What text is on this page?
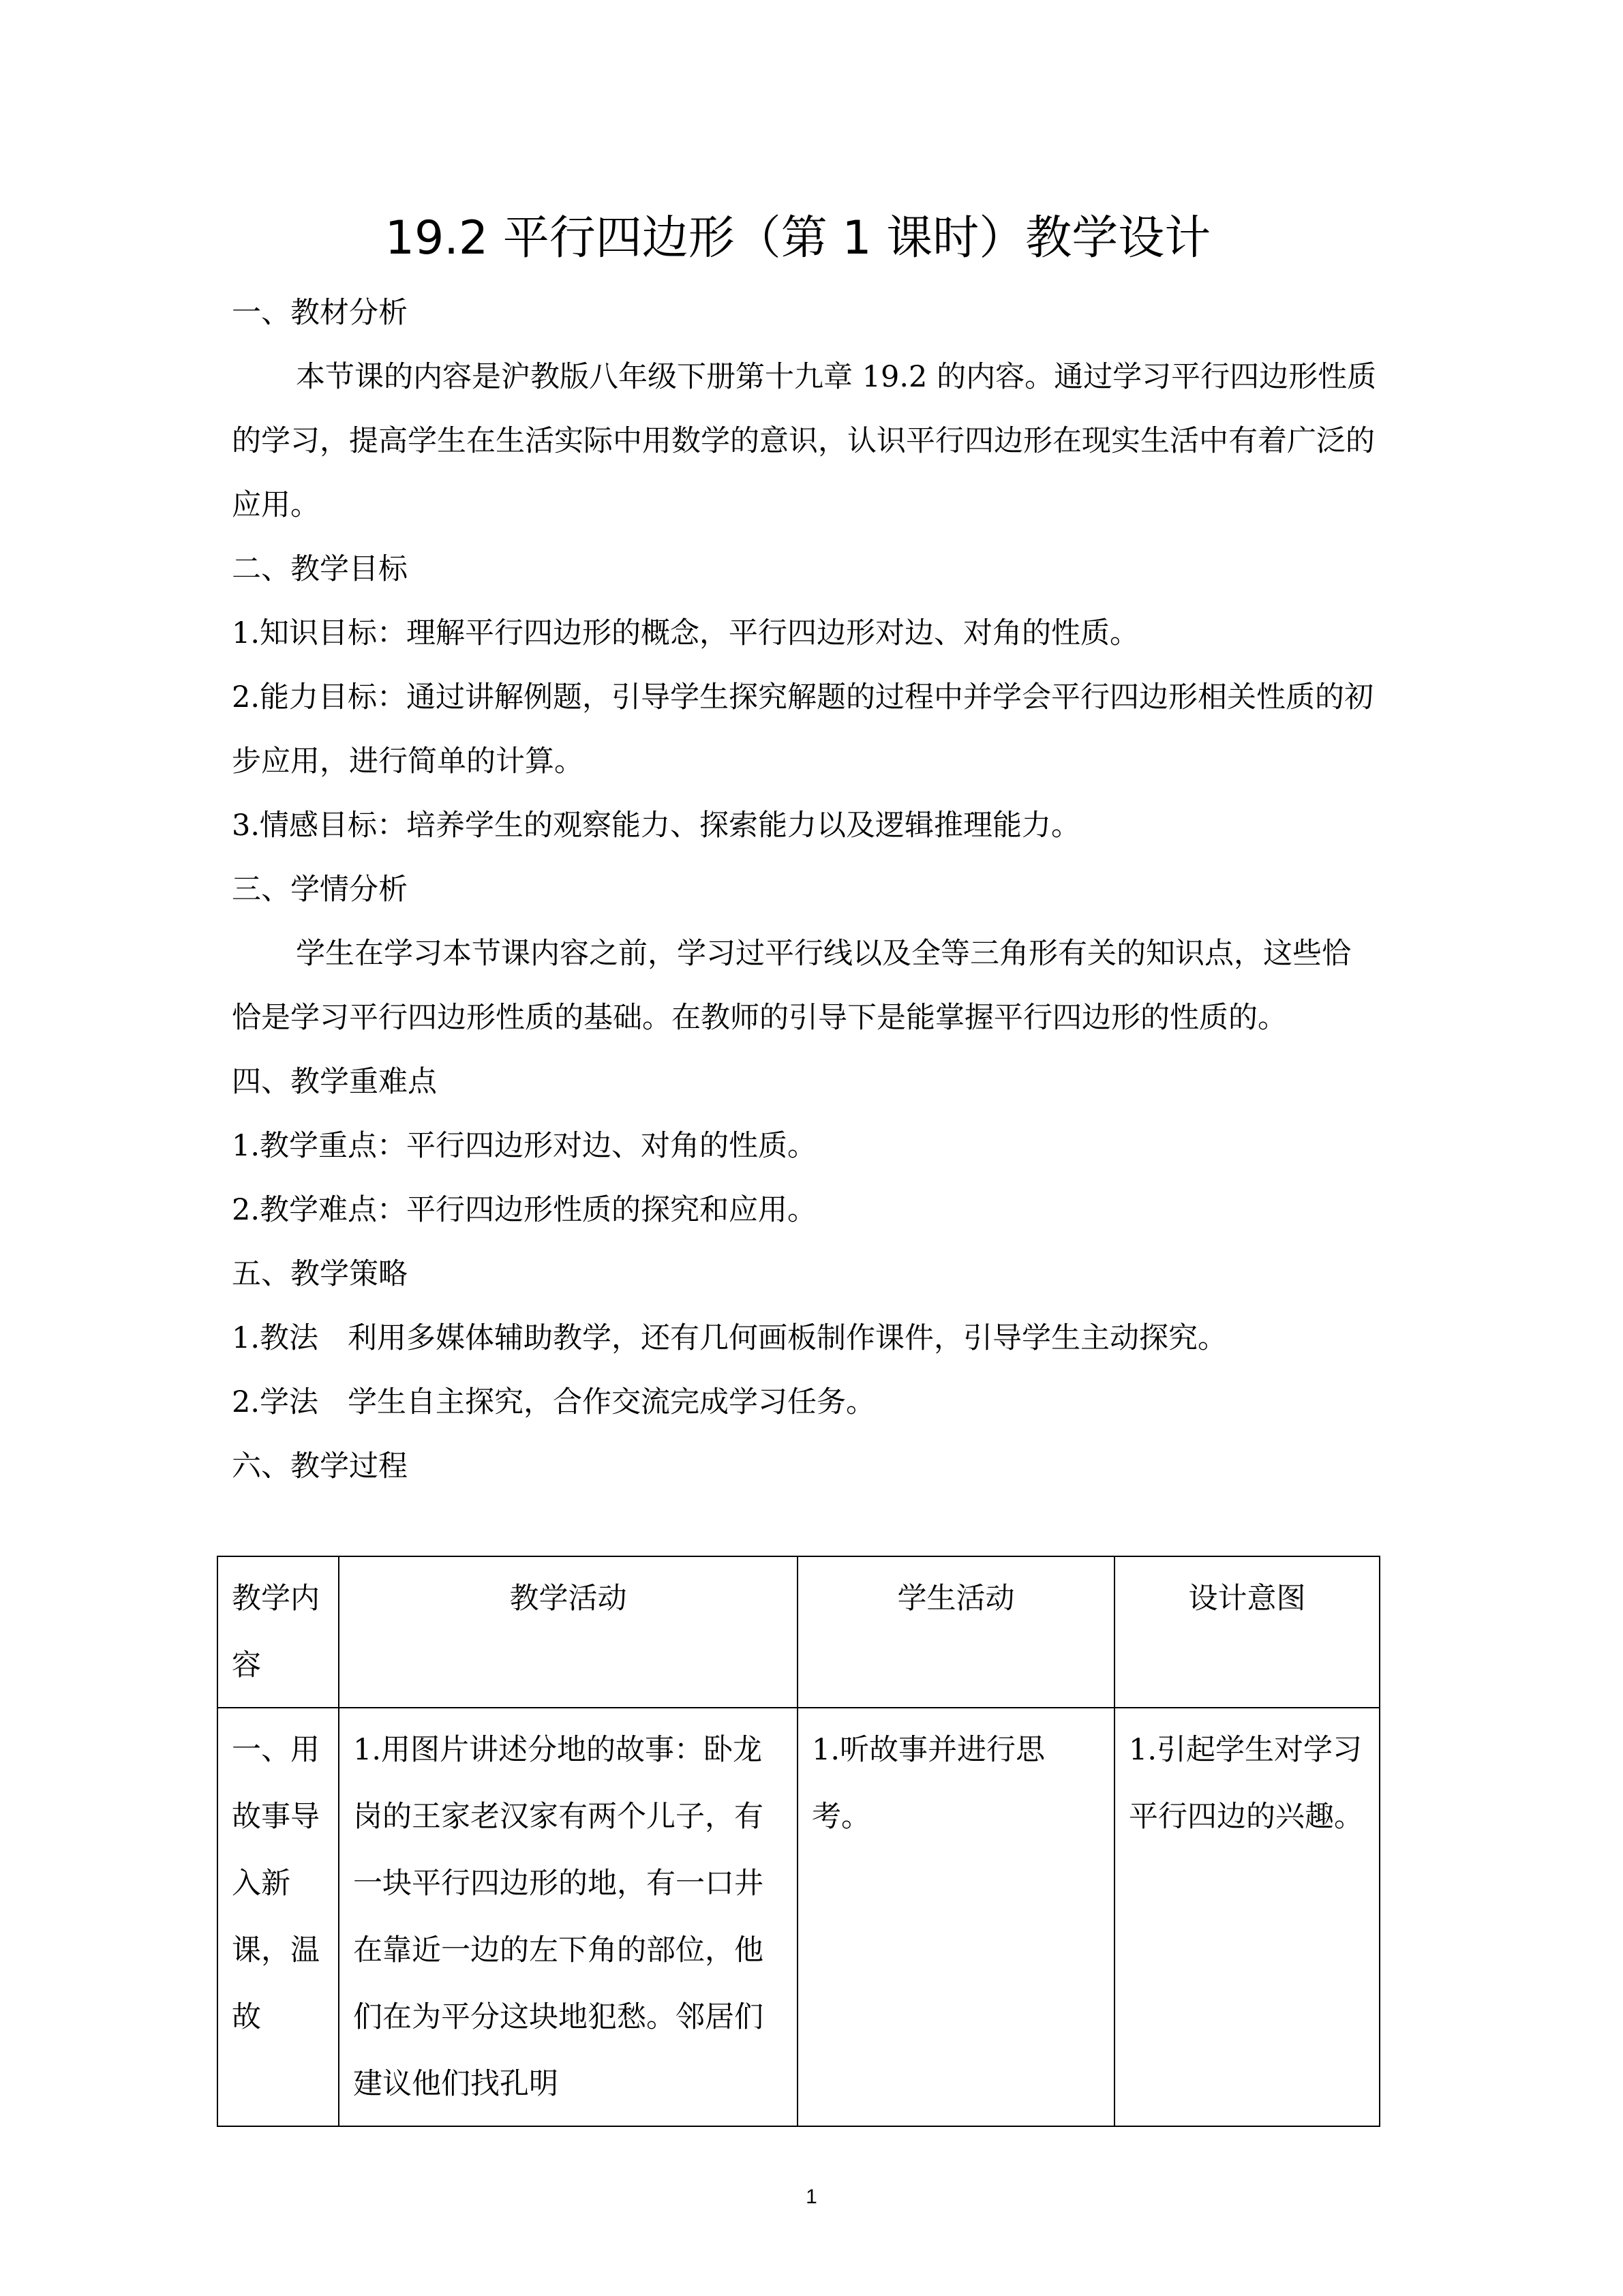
19.2 平行四边形（第 1 课时）教学设计

一、教材分析

本节课的内容是沪教版八年级下册第十九章 19.2 的内容。通过学习平行四边形性质的学习，提高学生在生活实际中用数学的意识，认识平行四边形在现实生活中有着广泛的应用。

二、教学目标

1.知识目标：理解平行四边形的概念，平行四边形对边、对角的性质。

2.能力目标：通过讲解例题，引导学生探究解题的过程中并学会平行四边形相关性质的初步应用，进行简单的计算。

3.情感目标：培养学生的观察能力、探索能力以及逻辑推理能力。

三、学情分析

学生在学习本节课内容之前，学习过平行线以及全等三角形有关的知识点，这些恰恰是学习平行四边形性质的基础。在教师的引导下是能掌握平行四边形的性质的。

四、教学重难点

1.教学重点：平行四边形对边、对角的性质。

2.教学难点：平行四边形性质的探究和应用。

五、教学策略

1.教法　利用多媒体辅助教学，还有几何画板制作课件，引导学生主动探究。

2.学法　学生自主探究，合作交流完成学习任务。

六、教学过程

教学内容	教学活动	学生活动	设计意图
一、用故事导入新课，温故	1.用图片讲述分地的故事：卧龙岗的王家老汉家有两个儿子，有一块平行四边形的地，有一口井在靠近一边的左下角的部位，他们在为平分这块地犯愁。邻居们建议他们找孔明	1.听故事并进行思考。	1.引起学生对学习平行四边的兴趣。
1
